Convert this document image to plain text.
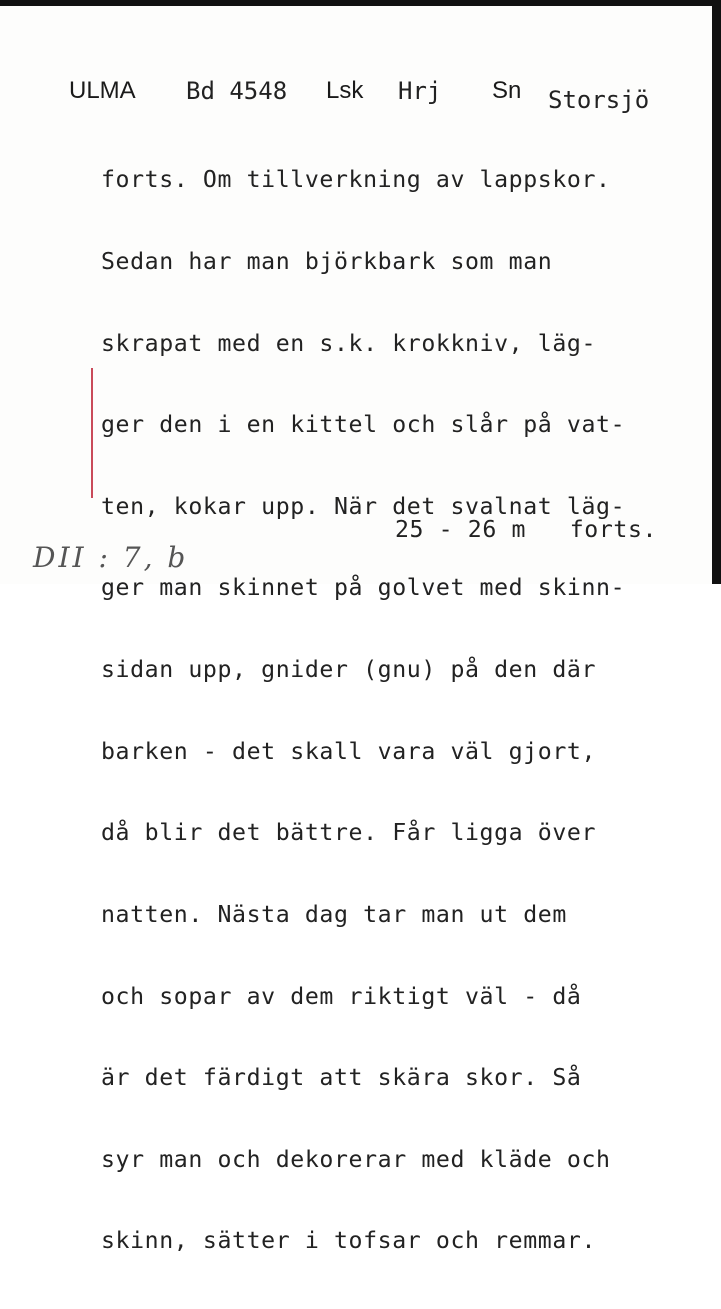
ULMA Bd 4548 Lsk Hrj Sn Storsjö

forts. Om tillverkning av lappskor.

Sedan har man björkbark som man

skrapat med en s.k. krokkniv, läg-

ger den i en kittel och slår på vat-

ten, kokar upp. När det svalnat läg-

ger man skinnet på golvet med skinn-

sidan upp, gnider (gnu) på den där

barken - det skall vara väl gjort,

då blir det bättre. Får ligga över

natten. Nästa dag tar man ut dem

och sopar av dem riktigt väl - då

är det färdigt att skära skor. Så

syr man och dekorerar med kläde och

skinn, sätter i tofsar och remmar.

25 - 26 m forts.
DII : 7, b
